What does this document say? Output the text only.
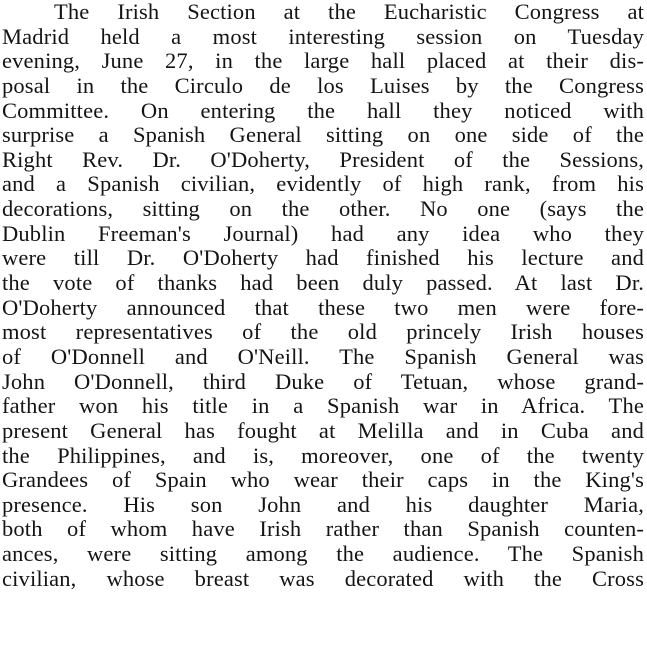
The Irish Section at the Eucharistic Congress at
Madrid held a most interesting session on Tuesday
evening, June 27, in the large hall placed at their dis-
posal in the Circulo de los Luises by the Congress
Committee. On entering the hall they noticed with
surprise a Spanish General sitting on one side of the
Right Rev. Dr. O'Doherty, President of the Sessions,
and a Spanish civilian, evidently of high rank, from his
decorations, sitting on the other. No one (says the
Dublin Freeman's Journal) had any idea who they
were till Dr. O'Doherty had finished his lecture and
the vote of thanks had been duly passed. At last Dr.
O'Doherty announced that these two men were fore-
most representatives of the old princely Irish houses
of O'Donnell and O'Neill. The Spanish General was
John O'Donnell, third Duke of Tetuan, whose grand-
father won his title in a Spanish war in Africa. The
present General has fought at Melilla and in Cuba and
the Philippines, and is, moreover, one of the twenty
Grandees of Spain who wear their caps in the King's
presence. His son John and his daughter Maria,
both of whom have Irish rather than Spanish counten-
ances, were sitting among the audience. The Spanish
civilian, whose breast was decorated with the Cross
